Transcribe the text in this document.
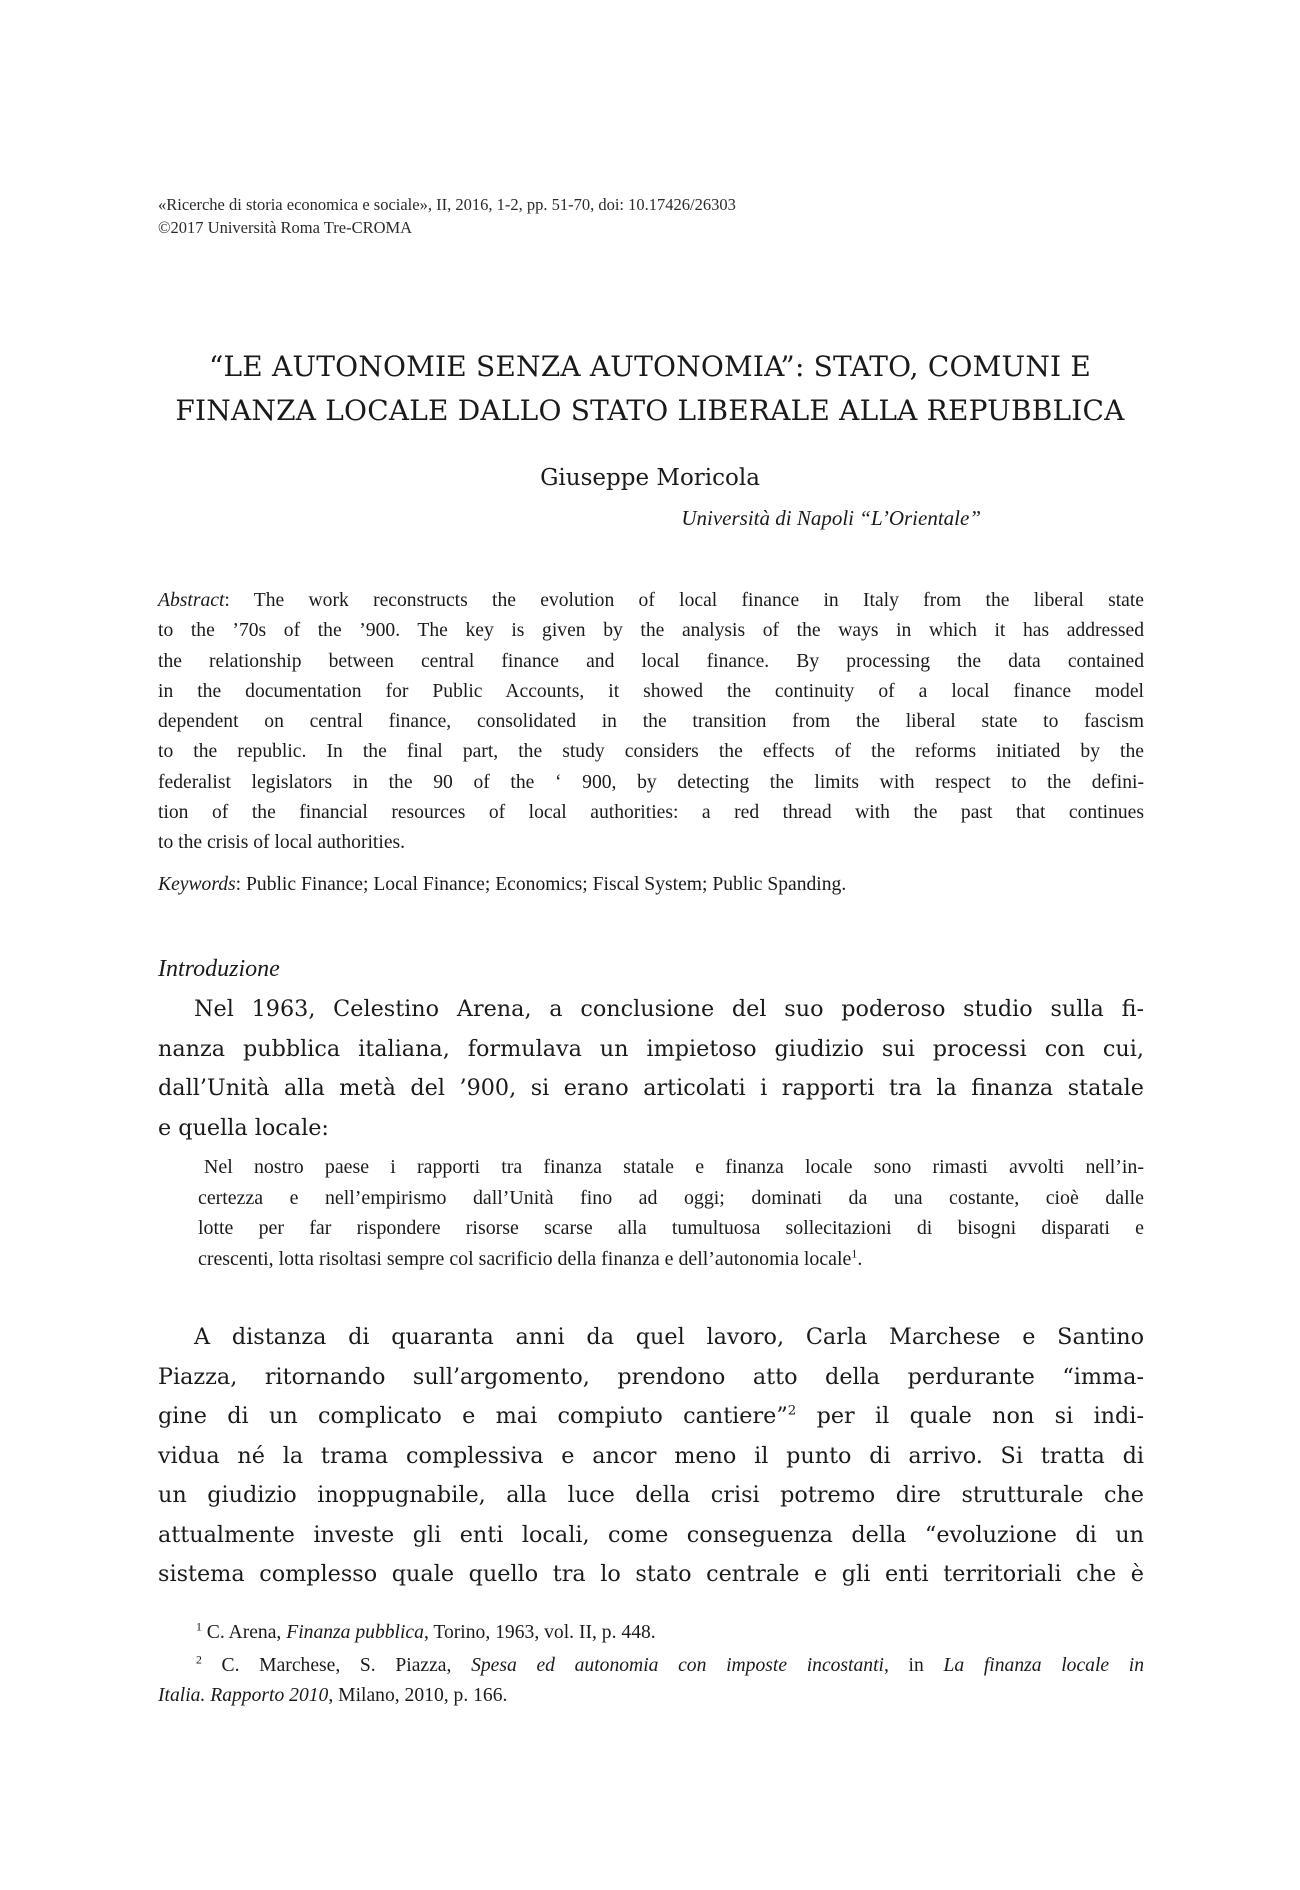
«Ricerche di storia economica e sociale», II, 2016, 1-2, pp. 51-70, doi: 10.17426/26303
©2017 Università Roma Tre-CROMA
“LE AUTONOMIE SENZA AUTONOMIA”: STATO, COMUNI E
FINANZA LOCALE DALLO STATO LIBERALE ALLA REPUBBLICA
Giuseppe Moricola
Università di Napoli “L’Orientale”
Abstract: The work reconstructs the evolution of local finance in Italy from the liberal state
to the ’70s of the ’900. The key is given by the analysis of the ways in which it has addressed
the relationship between central finance and local finance. By processing the data contained
in the documentation for Public Accounts, it showed the continuity of a local finance model
dependent on central finance, consolidated in the transition from the liberal state to fascism
to the republic. In the final part, the study considers the effects of the reforms initiated by the
federalist legislators in the 90 of the ‘ 900, by detecting the limits with respect to the defini-
tion of the financial resources of local authorities: a red thread with the past that continues
to the crisis of local authorities.
Keywords: Public Finance; Local Finance; Economics; Fiscal System; Public Spanding.
Introduzione
Nel 1963, Celestino Arena, a conclusione del suo poderoso studio sulla fi-
nanza pubblica italiana, formulava un impietoso giudizio sui processi con cui,
dall’Unità alla metà del ’900, si erano articolati i rapporti tra la finanza statale
e quella locale:
Nel nostro paese i rapporti tra finanza statale e finanza locale sono rimasti avvolti nell’in-
certezza e nell’empirismo dall’Unità fino ad oggi; dominati da una costante, cioè dalle
lotte per far rispondere risorse scarse alla tumultuosa sollecitazioni di bisogni disparati e
crescenti, lotta risoltasi sempre col sacrificio della finanza e dell’autonomia locale$^1$.
A distanza di quaranta anni da quel lavoro, Carla Marchese e Santino
Piazza, ritornando sull’argomento, prendono atto della perdurante “imma-
gine di un complicato e mai compiuto cantiere”$^2$ per il quale non si indi-
vidua né la trama complessiva e ancor meno il punto di arrivo. Si tratta di
un giudizio inoppugnabile, alla luce della crisi potremo dire strutturale che
attualmente investe gli enti locali, come conseguenza della “evoluzione di un
sistema complesso quale quello tra lo stato centrale e gli enti territoriali che è
$^1$ C. Arena, Finanza pubblica, Torino, 1963, vol. II, p. 448.
$^2$ C. Marchese, S. Piazza, Spesa ed autonomia con imposte incostanti, in La finanza locale in
Italia. Rapporto 2010, Milano, 2010, p. 166.
